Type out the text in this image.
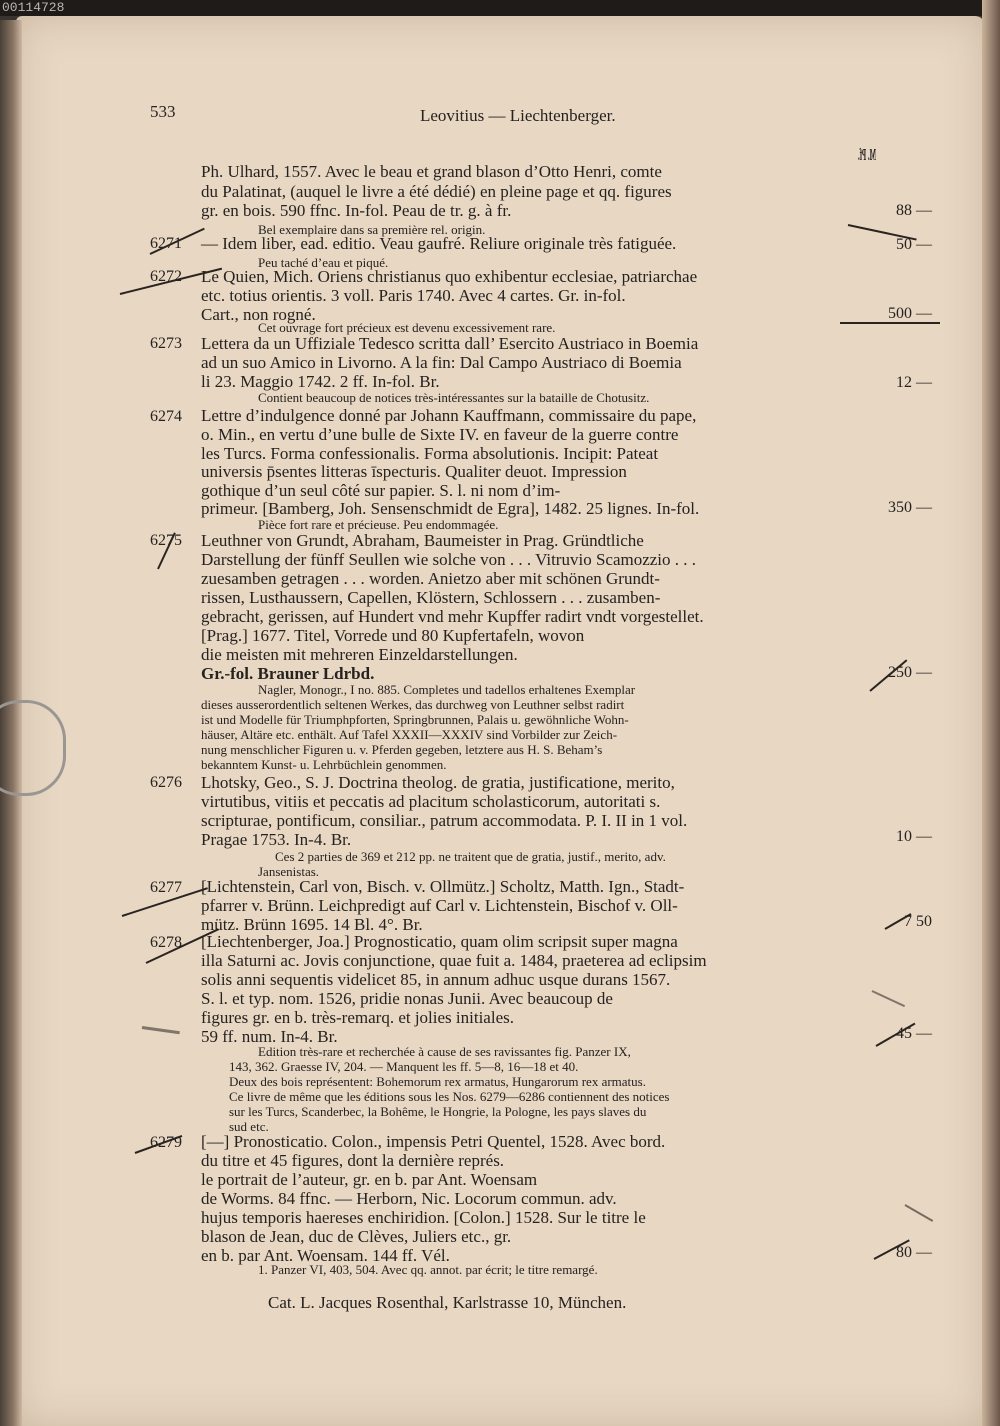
00114728
533	Leovitius — Liechtenberger.
M. Pf.
Ph. Ulhard, 1557. Avec le beau et grand blason d’Otto Henri, comte
du Palatinat, (auquel le livre a été dédié) en pleine page et qq. figures
gr. en bois. 590 ffnc. In-fol. Peau de tr. g. à fr.
Bel exemplaire dans sa première rel. origin.
88 —
6271 — Idem liber, ead. editio. Veau gaufré. Reliure originale très fatiguée.
Peu taché d’eau et piqué.
50 —
6272 Le Quien, Mich. Oriens christianus quo exhibentur ecclesiae, patriarchae
etc. totius orientis. 3 voll. Paris 1740. Avec 4 cartes. Gr. in-fol.
Cart., non rogné.
Cet ouvrage fort précieux est devenu excessivement rare.
500 —
6273 Lettera da un Uffiziale Tedesco scritta dall’ Esercito Austriaco in Boemia
ad un suo Amico in Livorno. A la fin: Dal Campo Austriaco di Boemia
li 23. Maggio 1742. 2 ff. In-fol. Br.
Contient beaucoup de notices très-intéressantes sur la bataille de Chotusitz.
12 —
6274 Lettre d’indulgence donné par Johann Kauffmann, commissaire du pape,
o. Min., en vertu d’une bulle de Sixte IV. en faveur de la guerre contre
les Turcs. Forma confessionalis. Forma absolutionis. Incipit: Pateat
universis p̄sentes litteras īspecturis. Qualiter deuot. Impression
gothique d’un seul côté sur papier. S. l. ni nom d’im-
primeur. [Bamberg, Joh. Sensenschmidt de Egra], 1482. 25 lignes. In-fol.
Pièce fort rare et précieuse. Peu endommagée.
350 —
6275 Leuthner von Grundt, Abraham, Baumeister in Prag. Gründtliche
Darstellung der fünff Seullen wie solche von . . . Vitruvio Scamozzio . . .
zuesamben getragen . . . worden. Anietzo aber mit schönen Grundt-
rissen, Lusthaussern, Capellen, Klöstern, Schlossern . . . zusamben-
gebracht, gerissen, auf Hundert vnd mehr Kupffer radirt vndt vorgestellet.
[Prag.] 1677. Titel, Vorrede und 80 Kupfertafeln, wovon
die meisten mit mehreren Einzeldarstellungen.
Gr.-fol. Brauner Ldrbd.
Nagler, Monogr., I no. 885. Completes und tadellos erhaltenes Exemplar
dieses ausserordentlich seltenen Werkes, das durchweg von Leuthner selbst radirt
ist und Modelle für Triumphpforten, Springbrunnen, Palais u. gewöhnliche Wohn-
häuser, Altäre etc. enthält. Auf Tafel XXXII—XXXIV sind Vorbilder zur Zeich-
nung menschlicher Figuren u. v. Pferden gegeben, letztere aus H. S. Beham’s
bekanntem Kunst- u. Lehrbüchlein genommen.
250 —
6276 Lhotsky, Geo., S. J. Doctrina theolog. de gratia, justificatione, merito,
virtutibus, vitiis et peccatis ad placitum scholasticorum, autoritati s.
scripturae, pontificum, consiliar., patrum accommodata. P. I. II in 1 vol.
Pragae 1753. In-4. Br.
Ces 2 parties de 369 et 212 pp. ne traitent que de gratia, justif., merito, adv.
Jansenistas.
10 —
6277 [Lichtenstein, Carl von, Bisch. v. Ollmütz.] Scholtz, Matth. Ign., Stadt-
pfarrer v. Brünn. Leichpredigt auf Carl v. Lichtenstein, Bischof v. Oll-
mütz. Brünn 1695. 14 Bl. 4°. Br.	7 50
6278 [Liechtenberger, Joa.] Prognosticatio, quam olim scripsit super magna
illa Saturni ac. Jovis conjunctione, quae fuit a. 1484, praeterea ad eclipsim
solis anni sequentis videlicet 85, in annum adhuc usque durans 1567.
S. l. et typ. nom. 1526, pridie nonas Junii. Avec beaucoup de
figures gr. en b. très-remarq. et jolies initiales.
59 ff. num. In-4. Br.
Edition très-rare et recherchée à cause de ses ravissantes fig. Panzer IX,
143, 362. Graesse IV, 204. — Manquent les ff. 5—8, 16—18 et 40.
Deux des bois représentent: Bohemorum rex armatus, Hungarorum rex armatus.
Ce livre de même que les éditions sous les Nos. 6279—6286 contiennent des notices
sur les Turcs, Scanderbec, la Bohême, le Hongrie, la Pologne, les pays slaves du
sud etc.
45 —
6279 [—] Pronosticatio. Colon., impensis Petri Quentel, 1528. Avec bord.
du titre et 45 figures, dont la dernière représ.
le portrait de l’auteur, gr. en b. par Ant. Woensam
de Worms. 84 ffnc. — Herborn, Nic. Locorum commun. adv.
hujus temporis haereses enchiridion. [Colon.] 1528. Sur le titre le
blason de Jean, duc de Clèves, Juliers etc., gr.
en b. par Ant. Woensam. 144 ff. Vél.
1. Panzer VI, 403, 504. Avec qq. annot. par écrit; le titre remargé.
80 —
Cat. L. Jacques Rosenthal, Karlstrasse 10, München.
